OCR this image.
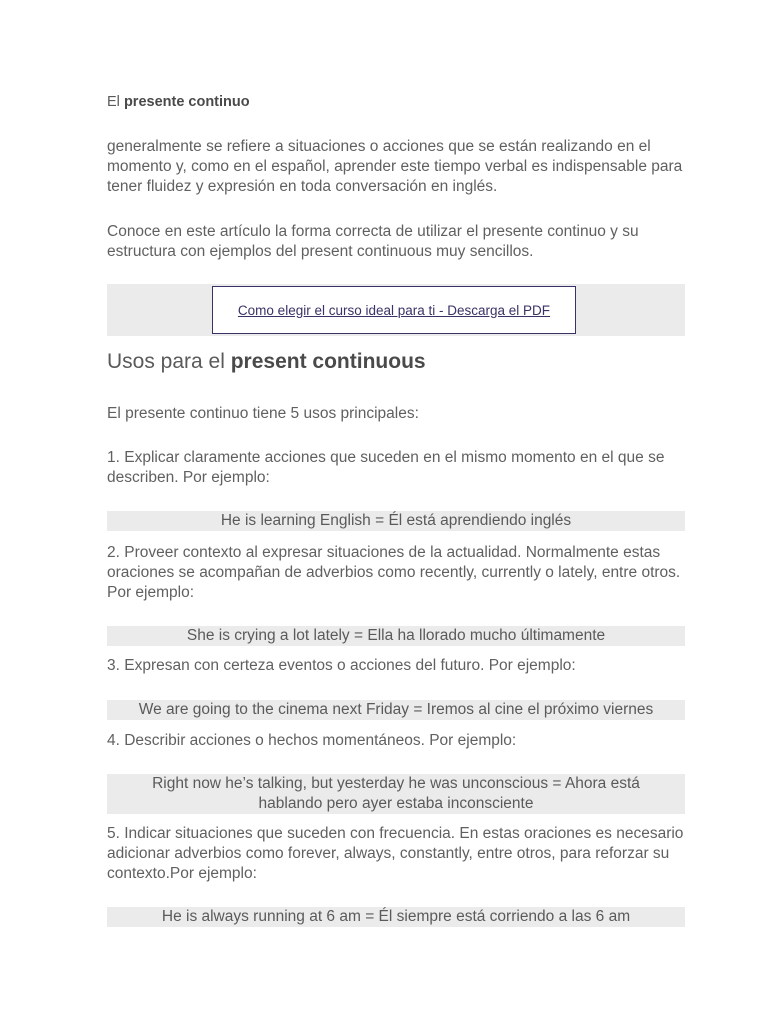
El presente continuo

generalmente se refiere a situaciones o acciones que se están realizando en el momento y, como en el español, aprender este tiempo verbal es indispensable para tener fluidez y expresión en toda conversación en inglés.

Conoce en este artículo la forma correcta de utilizar el presente continuo y su estructura con ejemplos del present continuous muy sencillos.

Como elegir el curso ideal para ti - Descarga el PDF
Usos para el present continuous

El presente continuo tiene 5 usos principales:

1. Explicar claramente acciones que suceden en el mismo momento en el que se describen. Por ejemplo:

He is learning English = Él está aprendiendo inglés

2. Proveer contexto al expresar situaciones de la actualidad. Normalmente estas oraciones se acompañan de adverbios como recently, currently o lately, entre otros. Por ejemplo:

She is crying a lot lately = Ella ha llorado mucho últimamente

3. Expresan con certeza eventos o acciones del futuro. Por ejemplo:

We are going to the cinema next Friday = Iremos al cine el próximo viernes

4. Describir acciones o hechos momentáneos. Por ejemplo:

Right now he’s talking, but yesterday he was unconscious = Ahora está hablando pero ayer estaba inconsciente

5. Indicar situaciones que suceden con frecuencia. En estas oraciones es necesario adicionar adverbios como forever, always, constantly, entre otros, para reforzar su contexto.Por ejemplo:

He is always running at 6 am = Él siempre está corriendo a las 6 am
